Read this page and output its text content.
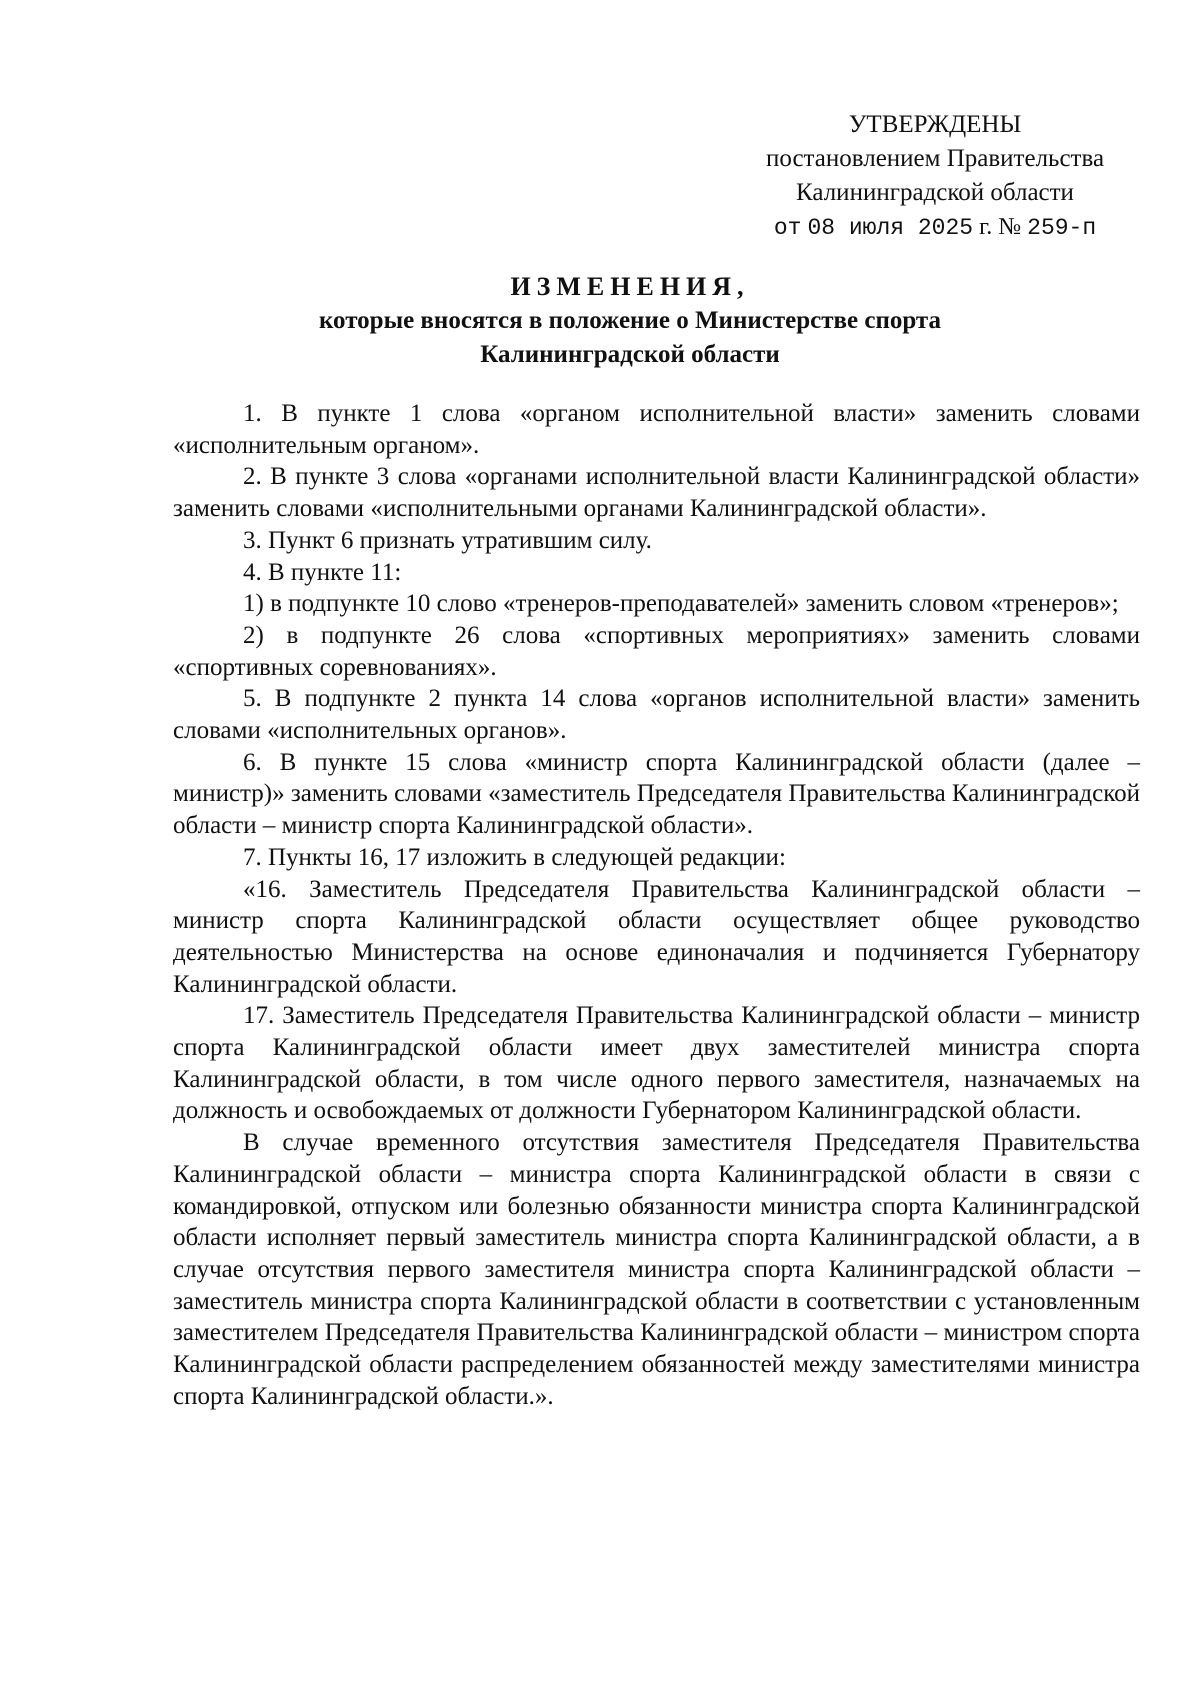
УТВЕРЖДЕНЫ
постановлением Правительства
Калининградской области
от 08 июля 2025 г. № 259-п
ИЗМЕНЕНИЯ,
которые вносятся в положение о Министерстве спорта
Калининградской области

1. В пункте 1 слова «органом исполнительной власти» заменить словами «исполнительным органом».

2. В пункте 3 слова «органами исполнительной власти Калининградской области» заменить словами «исполнительными органами Калининградской области».

3. Пункт 6 признать утратившим силу.

4. В пункте 11:

1) в подпункте 10 слово «тренеров-преподавателей» заменить словом «тренеров»;

2) в подпункте 26 слова «спортивных мероприятиях» заменить словами «спортивных соревнованиях».

5. В подпункте 2 пункта 14 слова «органов исполнительной власти» заменить словами «исполнительных органов».

6. В пункте 15 слова «министр спорта Калининградской области (далее – министр)» заменить словами «заместитель Председателя Правительства Калининградской области – министр спорта Калининградской области».

7. Пункты 16, 17 изложить в следующей редакции:

«16. Заместитель Председателя Правительства Калининградской области – министр спорта Калининградской области осуществляет общее руководство деятельностью Министерства на основе единоначалия и подчиняется Губернатору Калининградской области.

17. Заместитель Председателя Правительства Калининградской области – министр спорта Калининградской области имеет двух заместителей министра спорта Калининградской области, в том числе одного первого заместителя, назначаемых на должность и освобождаемых от должности Губернатором Калининградской области.

В случае временного отсутствия заместителя Председателя Правительства Калининградской области – министра спорта Калининградской области в связи с командировкой, отпуском или болезнью обязанности министра спорта Калининградской области исполняет первый заместитель министра спорта Калининградской области, а в случае отсутствия первого заместителя министра спорта Калининградской области – заместитель министра спорта Калининградской области в соответствии с установленным заместителем Председателя Правительства Калининградской области – министром спорта Калининградской области распределением обязанностей между заместителями министра спорта Калининградской области.».
